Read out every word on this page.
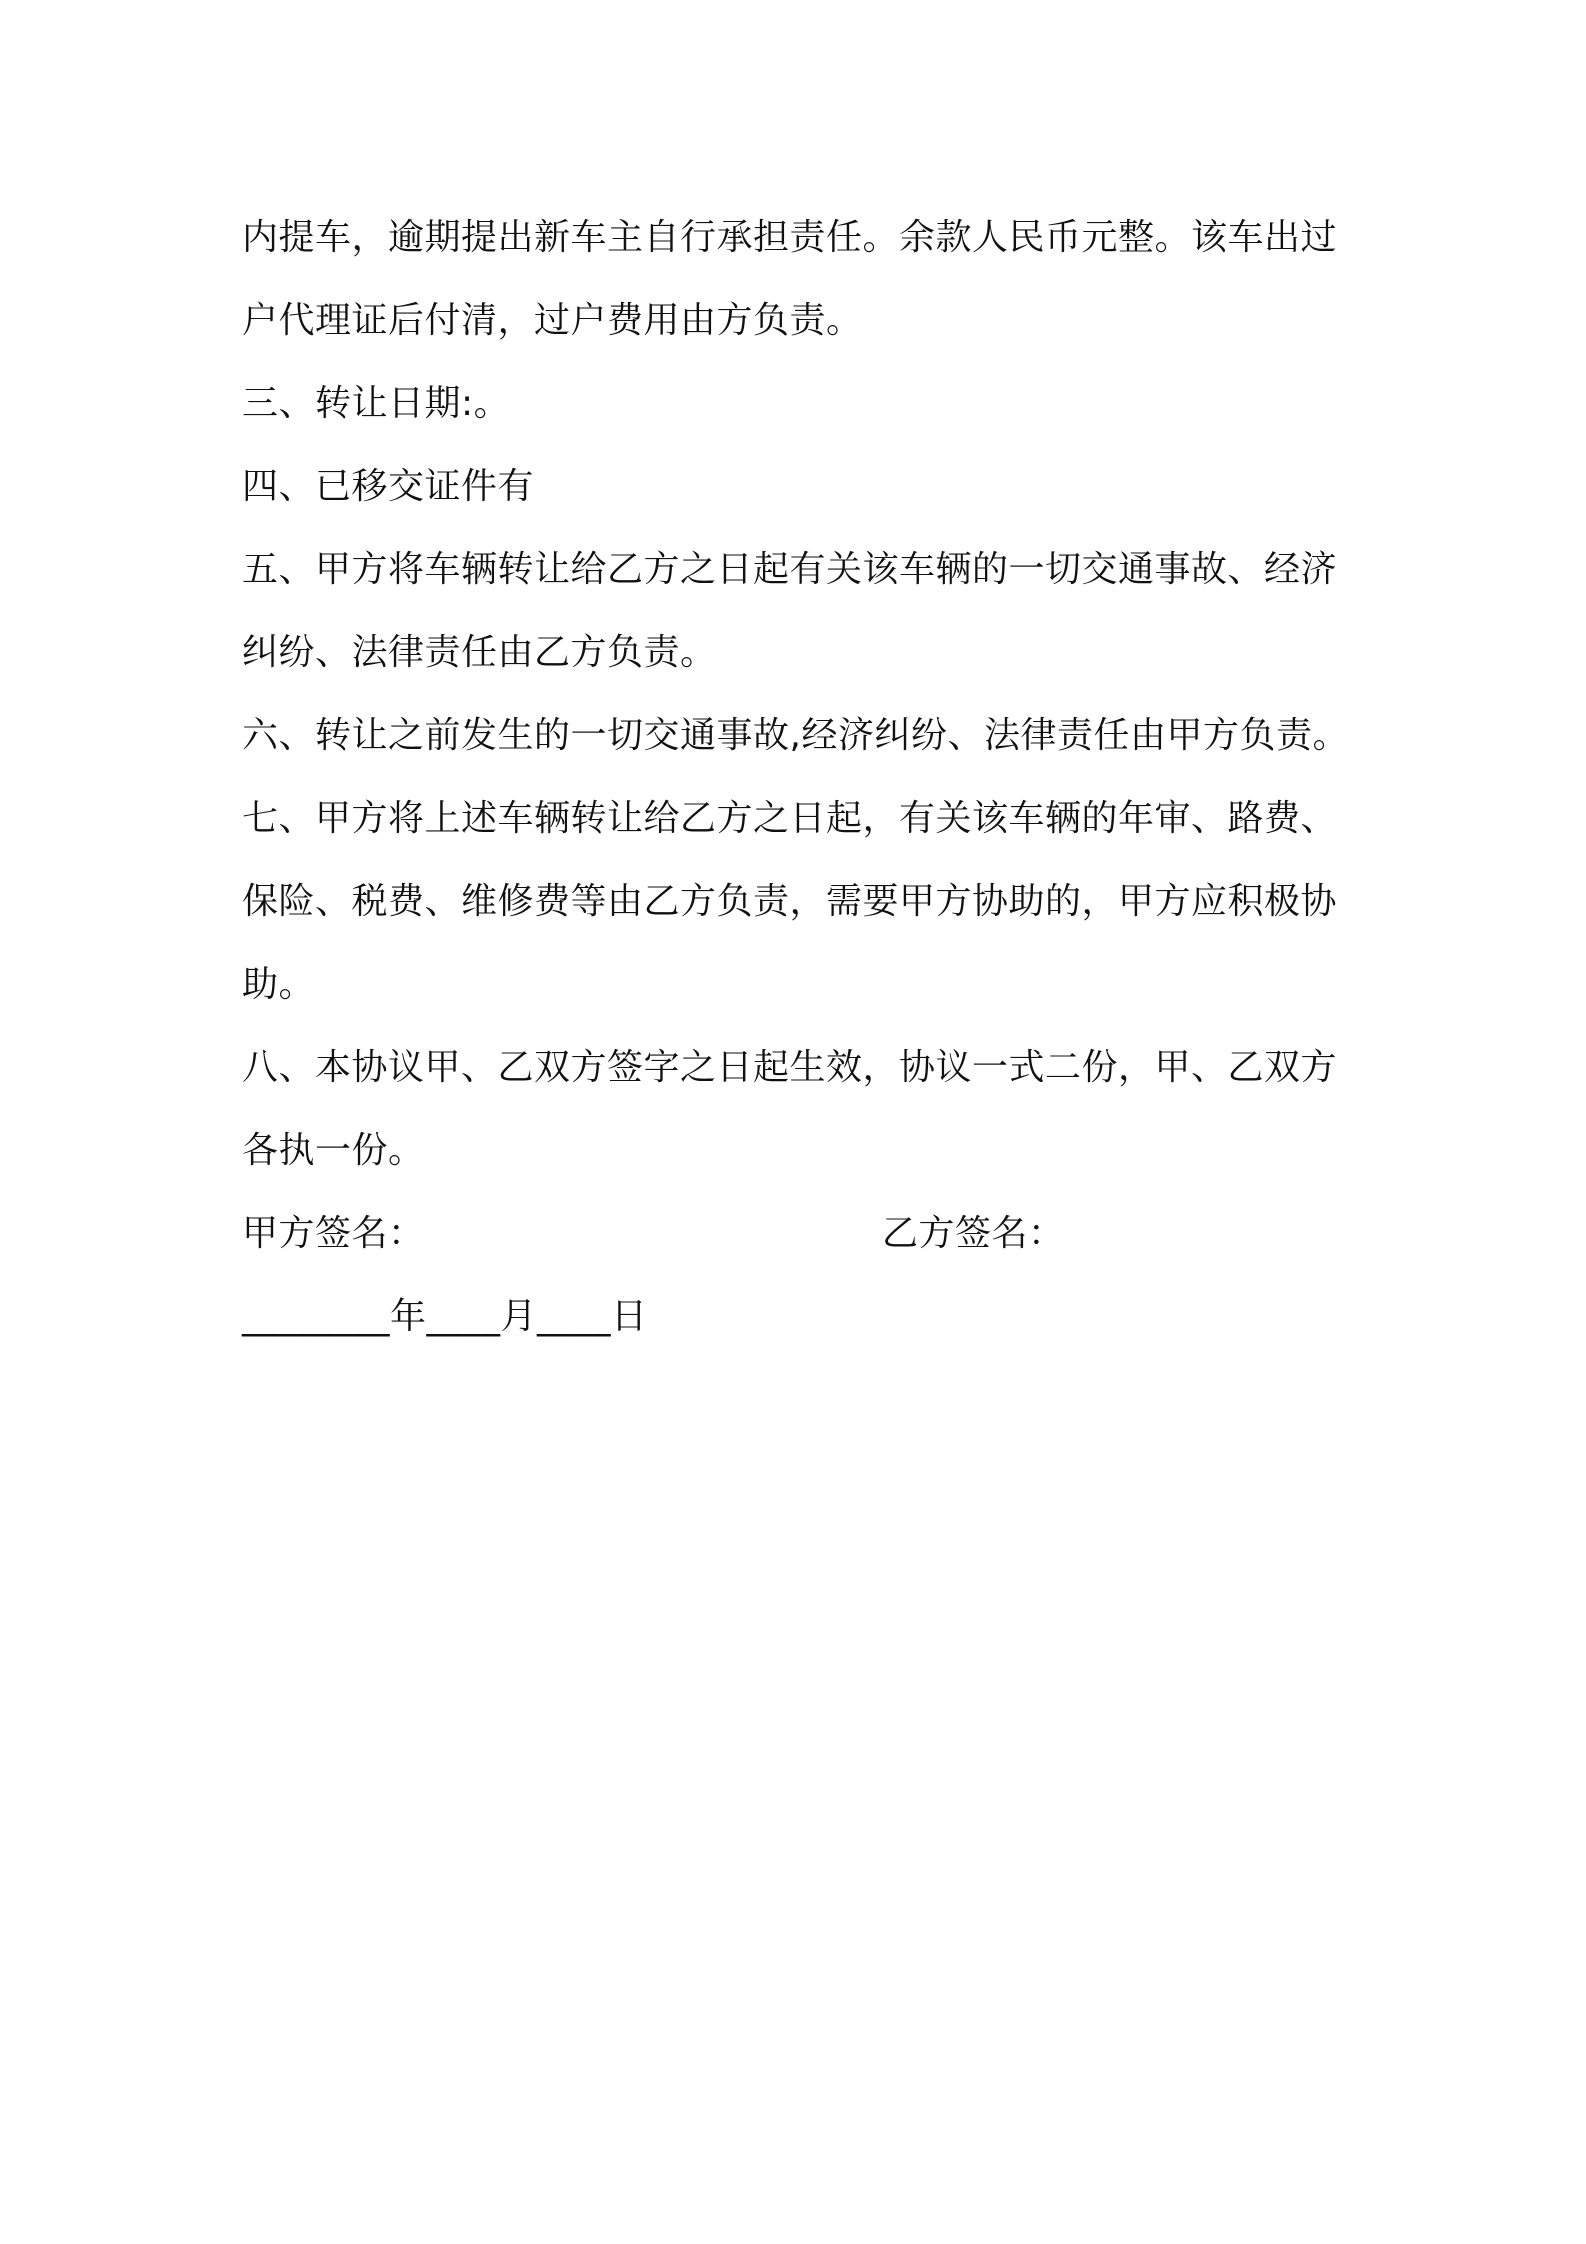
内提车，逾期提出新车主自行承担责任。余款人民币元整。该车出过户代理证后付清，过户费用由方负责。

三、转让日期:。

四、已移交证件有

五、甲方将车辆转让给乙方之日起有关该车辆的一切交通事故、经济纠纷、法律责任由乙方负责。

六、转让之前发生的一切交通事故,经济纠纷、法律责任由甲方负责。

七、甲方将上述车辆转让给乙方之日起，有关该车辆的年审、路费、保险、税费、维修费等由乙方负责，需要甲方协助的，甲方应积极协助。

八、本协议甲、乙双方签字之日起生效，协议一式二份，甲、乙双方各执一份。

甲方签名：	乙方签名：
________年____月____日
